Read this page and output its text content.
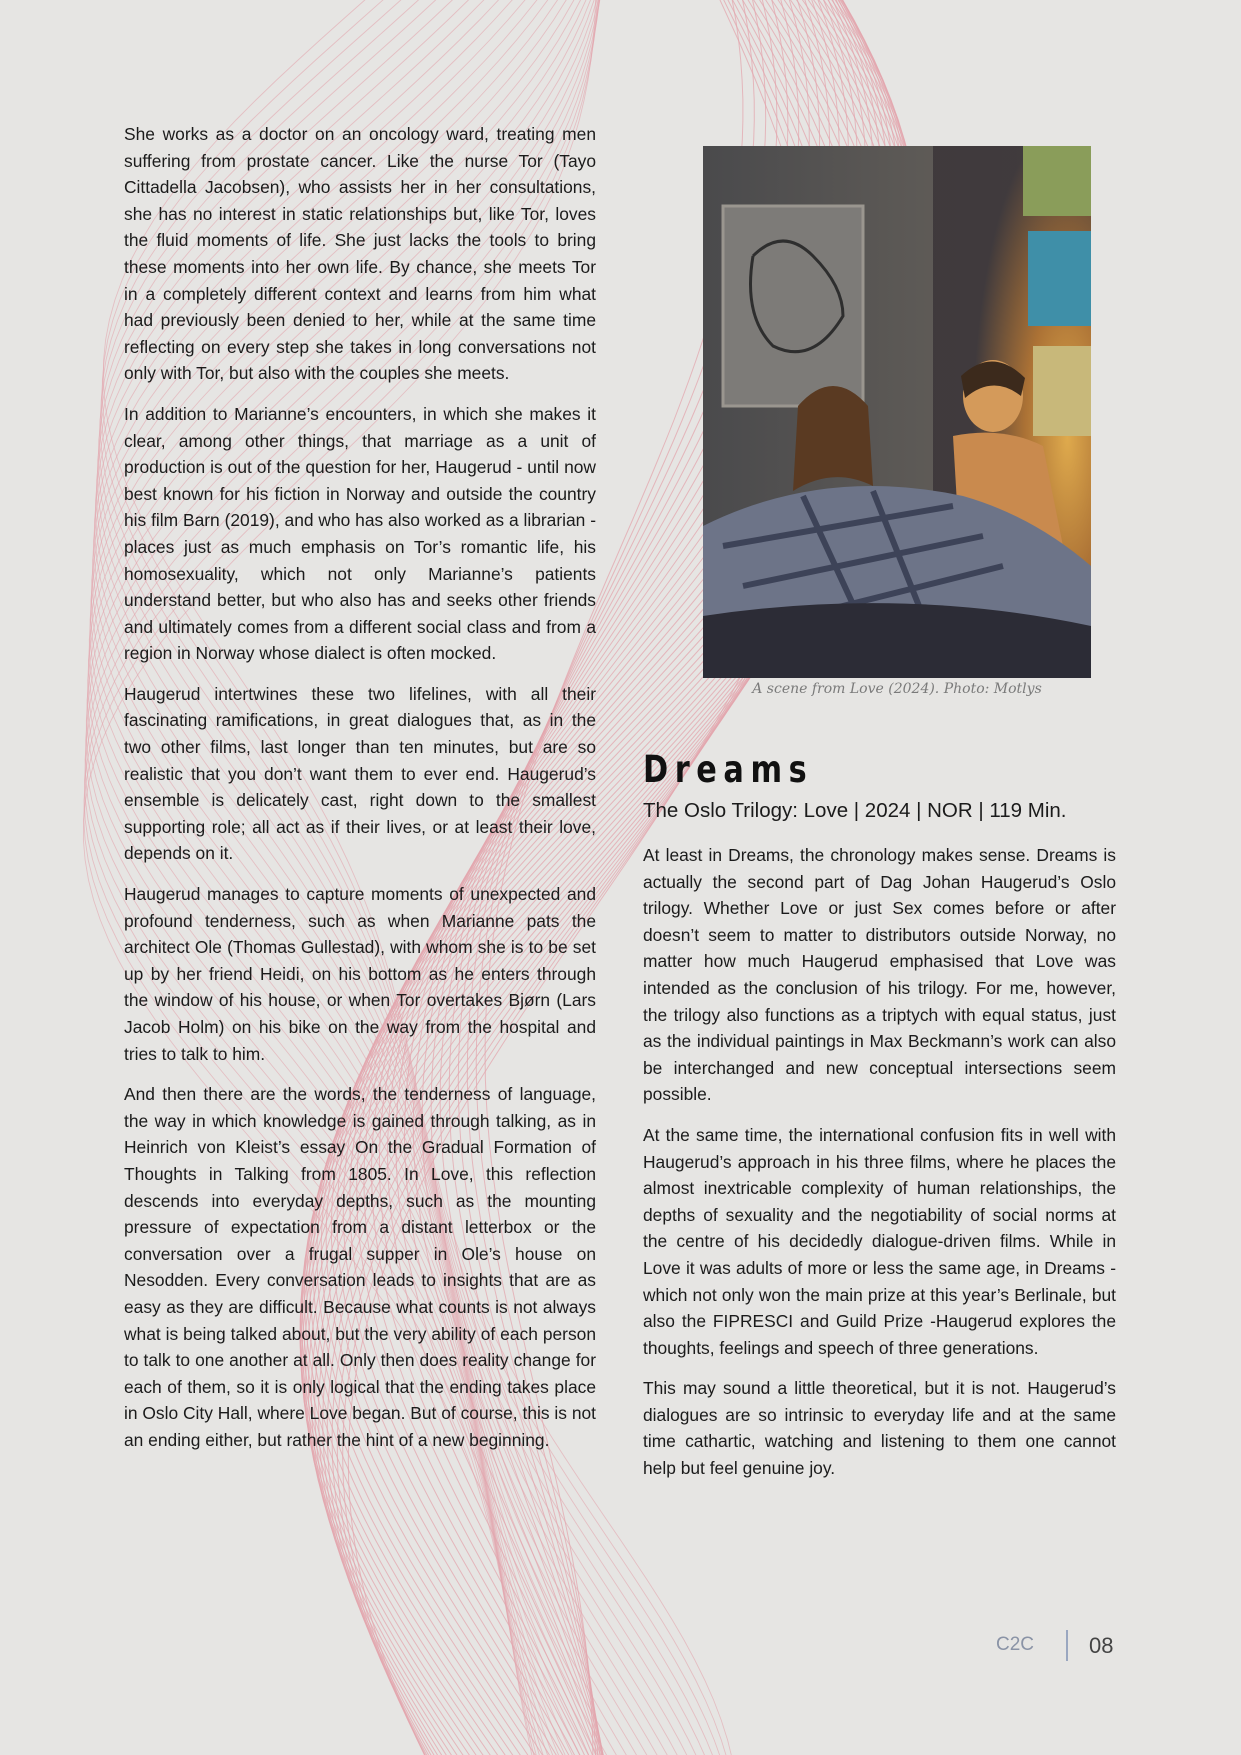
She works as a doctor on an oncology ward, treating men suffering from prostate cancer. Like the nurse Tor (Tayo Cittadella Jacobsen), who assists her in her consultations, she has no interest in static relationships but, like Tor, loves the fluid moments of life. She just lacks the tools to bring these moments into her own life. By chance, she meets Tor in a completely different context and learns from him what had previously been denied to her, while at the same time reflecting on every step she takes in long conversations not only with Tor, but also with the couples she meets.

In addition to Marianne’s encounters, in which she makes it clear, among other things, that marriage as a unit of production is out of the question for her, Haugerud - until now best known for his fiction in Norway and outside the country his film Barn (2019), and who has also worked as a librarian - places just as much emphasis on Tor’s romantic life, his homosexuality, which not only Marianne’s patients understand better, but who also has and seeks other friends and ultimately comes from a different social class and from a region in Norway whose dialect is often mocked.

Haugerud intertwines these two lifelines, with all their fascinating ramifications, in great dialogues that, as in the two other films, last longer than ten minutes, but are so realistic that you don’t want them to ever end. Haugerud’s ensemble is delicately cast, right down to the smallest supporting role; all act as if their lives, or at least their love, depends on it.

Haugerud manages to capture moments of unexpected and profound tenderness, such as when Marianne pats the architect Ole (Thomas Gullestad), with whom she is to be set up by her friend Heidi, on his bottom as he enters through the window of his house, or when Tor overtakes Bjørn (Lars Jacob Holm) on his bike on the way from the hospital and tries to talk to him.

And then there are the words, the tenderness of language, the way in which knowledge is gained through talking, as in Heinrich von Kleist’s essay On the Gradual Formation of Thoughts in Talking from 1805. In Love, this reflection descends into everyday depths, such as the mounting pressure of expectation from a distant letterbox or the conversation over a frugal supper in Ole’s house on Nesodden. Every conversation leads to insights that are as easy as they are difficult. Because what counts is not always what is being talked about, but the very ability of each person to talk to one another at all. Only then does reality change for each of them, so it is only logical that the ending takes place in Oslo City Hall, where Love began. But of course, this is not an ending either, but rather the hint of a new beginning.

A scene from Love (2024). Photo: Motlys
Dreams
The Oslo Trilogy: Love | 2024 | NOR | 119 Min.

At least in Dreams, the chronology makes sense. Dreams is actually the second part of Dag Johan Haugerud’s Oslo trilogy. Whether Love or just Sex comes before or after doesn’t seem to matter to distributors outside Norway, no matter how much Haugerud emphasised that Love was intended as the conclusion of his trilogy. For me, however, the trilogy also functions as a triptych with equal status, just as the individual paintings in Max Beckmann’s work can also be interchanged and new conceptual intersections seem possible.

At the same time, the international confusion fits in well with Haugerud’s approach in his three films, where he places the almost inextricable complexity of human relationships, the depths of sexuality and the negotiability of social norms at the centre of his decidedly dialogue-driven films. While in Love it was adults of more or less the same age, in Dreams - which not only won the main prize at this year’s Berlinale, but also the FIPRESCI and Guild Prize -Haugerud explores the thoughts, feelings and speech of three generations.

This may sound a little theoretical, but it is not. Haugerud’s dialogues are so intrinsic to everyday life and at the same time cathartic, watching and listening to them one cannot help but feel genuine joy.

C2C 08
